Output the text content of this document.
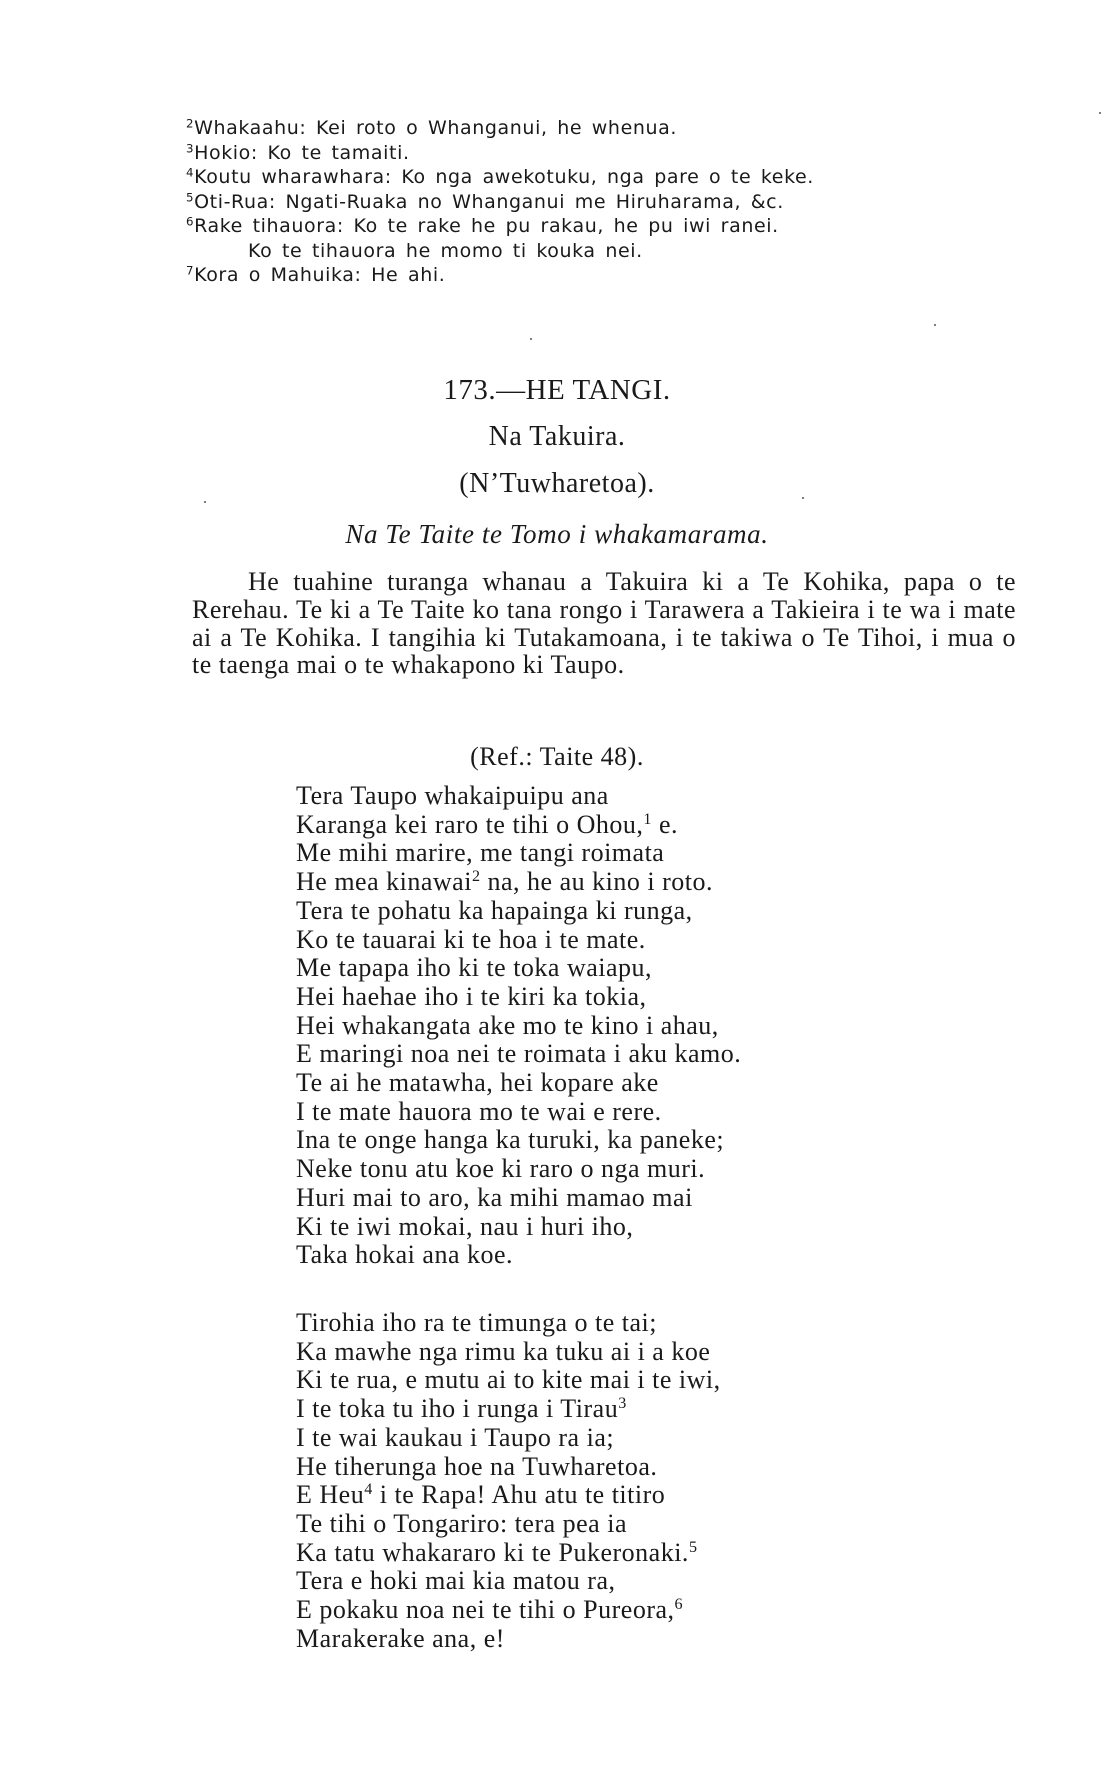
$^2$Whakaahu: Kei roto o Whanganui, he whenua.
$^3$Hokio: Ko te tamaiti.
$^4$Koutu wharawhara: Ko nga awekotuku, nga pare o te keke.
$^5$Oti-Rua: Ngati-Ruaka no Whanganui me Hiruharama, &c.
$^6$Rake tihauora: Ko te rake he pu rakau, he pu iwi ranei.
Ko te tihauora he momo ti kouka nei.
$^7$Kora o Mahuika: He ahi.
173.—HE TANGI.
Na Takuira.
(N’Tuwharetoa).
Na Te Taite te Tomo i whakamarama.

He tuahine turanga whanau a Takuira ki a Te Kohika, papa o te Rerehau. Te ki a Te Taite ko tana rongo i Tarawera a Takieira i te wa i mate ai a Te Kohika. I tangihia ki Tutakamoana, i te takiwa o Te Tihoi, i mua o te taenga mai o te whakapono ki Taupo.

(Ref.: Taite 48).
Tera Taupo whakaipuipu ana
Karanga kei raro te tihi o Ohou,$^1$ e.
Me mihi marire, me tangi roimata
He mea kinawai$^2$ na, he au kino i roto.
Tera te pohatu ka hapainga ki runga,
Ko te tauarai ki te hoa i te mate.
Me tapapa iho ki te toka waiapu,
Hei haehae iho i te kiri ka tokia,
Hei whakangata ake mo te kino i ahau,
E maringi noa nei te roimata i aku kamo.
Te ai he matawha, hei kopare ake
I te mate hauora mo te wai e rere.
Ina te onge hanga ka turuki, ka paneke;
Neke tonu atu koe ki raro o nga muri.
Huri mai to aro, ka mihi mamao mai
Ki te iwi mokai, nau i huri iho,
Taka hokai ana koe.
Tirohia iho ra te timunga o te tai;
Ka mawhe nga rimu ka tuku ai i a koe
Ki te rua, e mutu ai to kite mai i te iwi,
I te toka tu iho i runga i Tirau$^3$
I te wai kaukau i Taupo ra ia;
He tiherunga hoe na Tuwharetoa.
E Heu$^4$ i te Rapa! Ahu atu te titiro
Te tihi o Tongariro: tera pea ia
Ka tatu whakararo ki te Pukeronaki.$^5$
Tera e hoki mai kia matou ra,
E pokaku noa nei te tihi o Pureora,$^6$
Marakerake ana, e!
